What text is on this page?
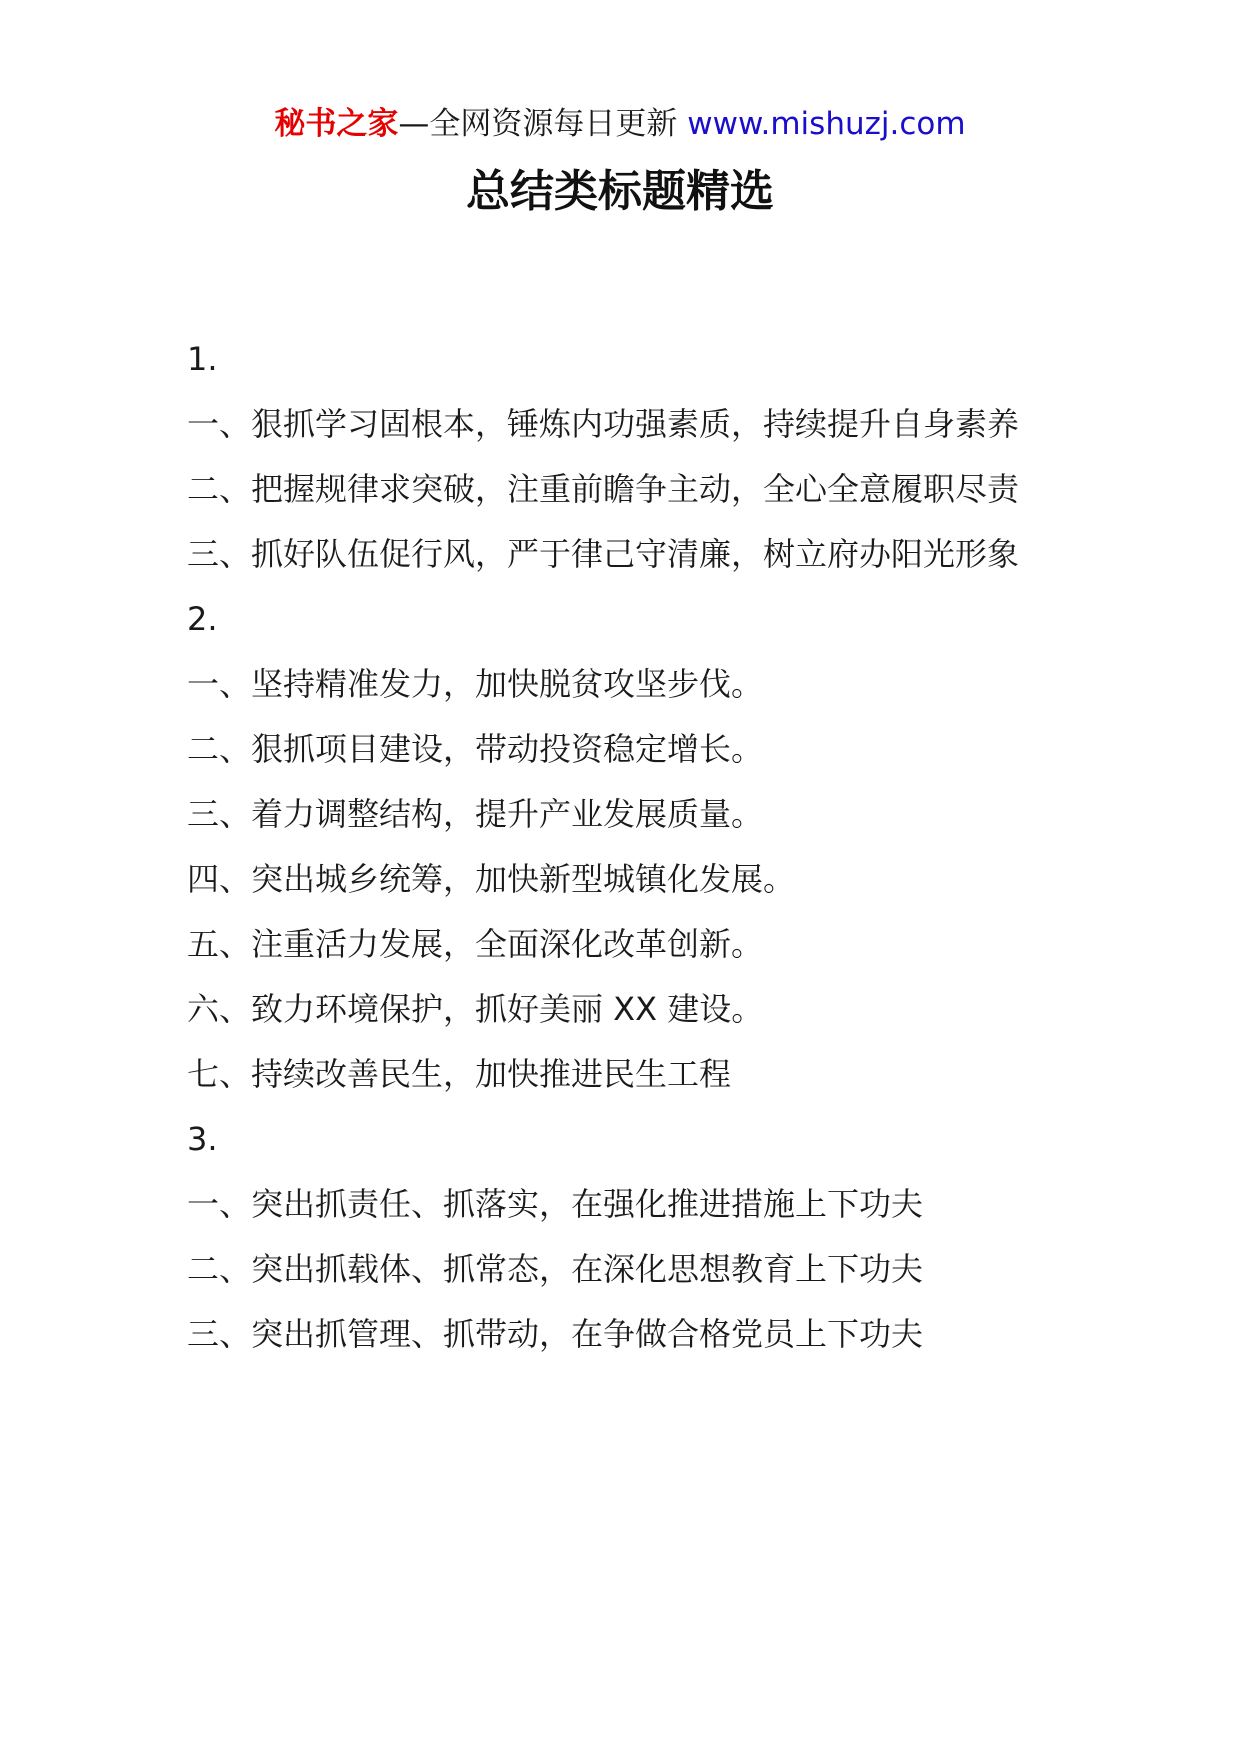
秘书之家—全网资源每日更新 www.mishuzj.com
总结类标题精选

1.

一、狠抓学习固根本，锤炼内功强素质，持续提升自身素养

二、把握规律求突破，注重前瞻争主动，全心全意履职尽责

三、抓好队伍促行风，严于律己守清廉，树立府办阳光形象

2.

一、坚持精准发力，加快脱贫攻坚步伐。

二、狠抓项目建设，带动投资稳定增长。

三、着力调整结构，提升产业发展质量。

四、突出城乡统筹，加快新型城镇化发展。

五、注重活力发展，全面深化改革创新。

六、致力环境保护，抓好美丽 XX 建设。

七、持续改善民生，加快推进民生工程

3.

一、突出抓责任、抓落实，在强化推进措施上下功夫

二、突出抓载体、抓常态，在深化思想教育上下功夫

三、突出抓管理、抓带动，在争做合格党员上下功夫
